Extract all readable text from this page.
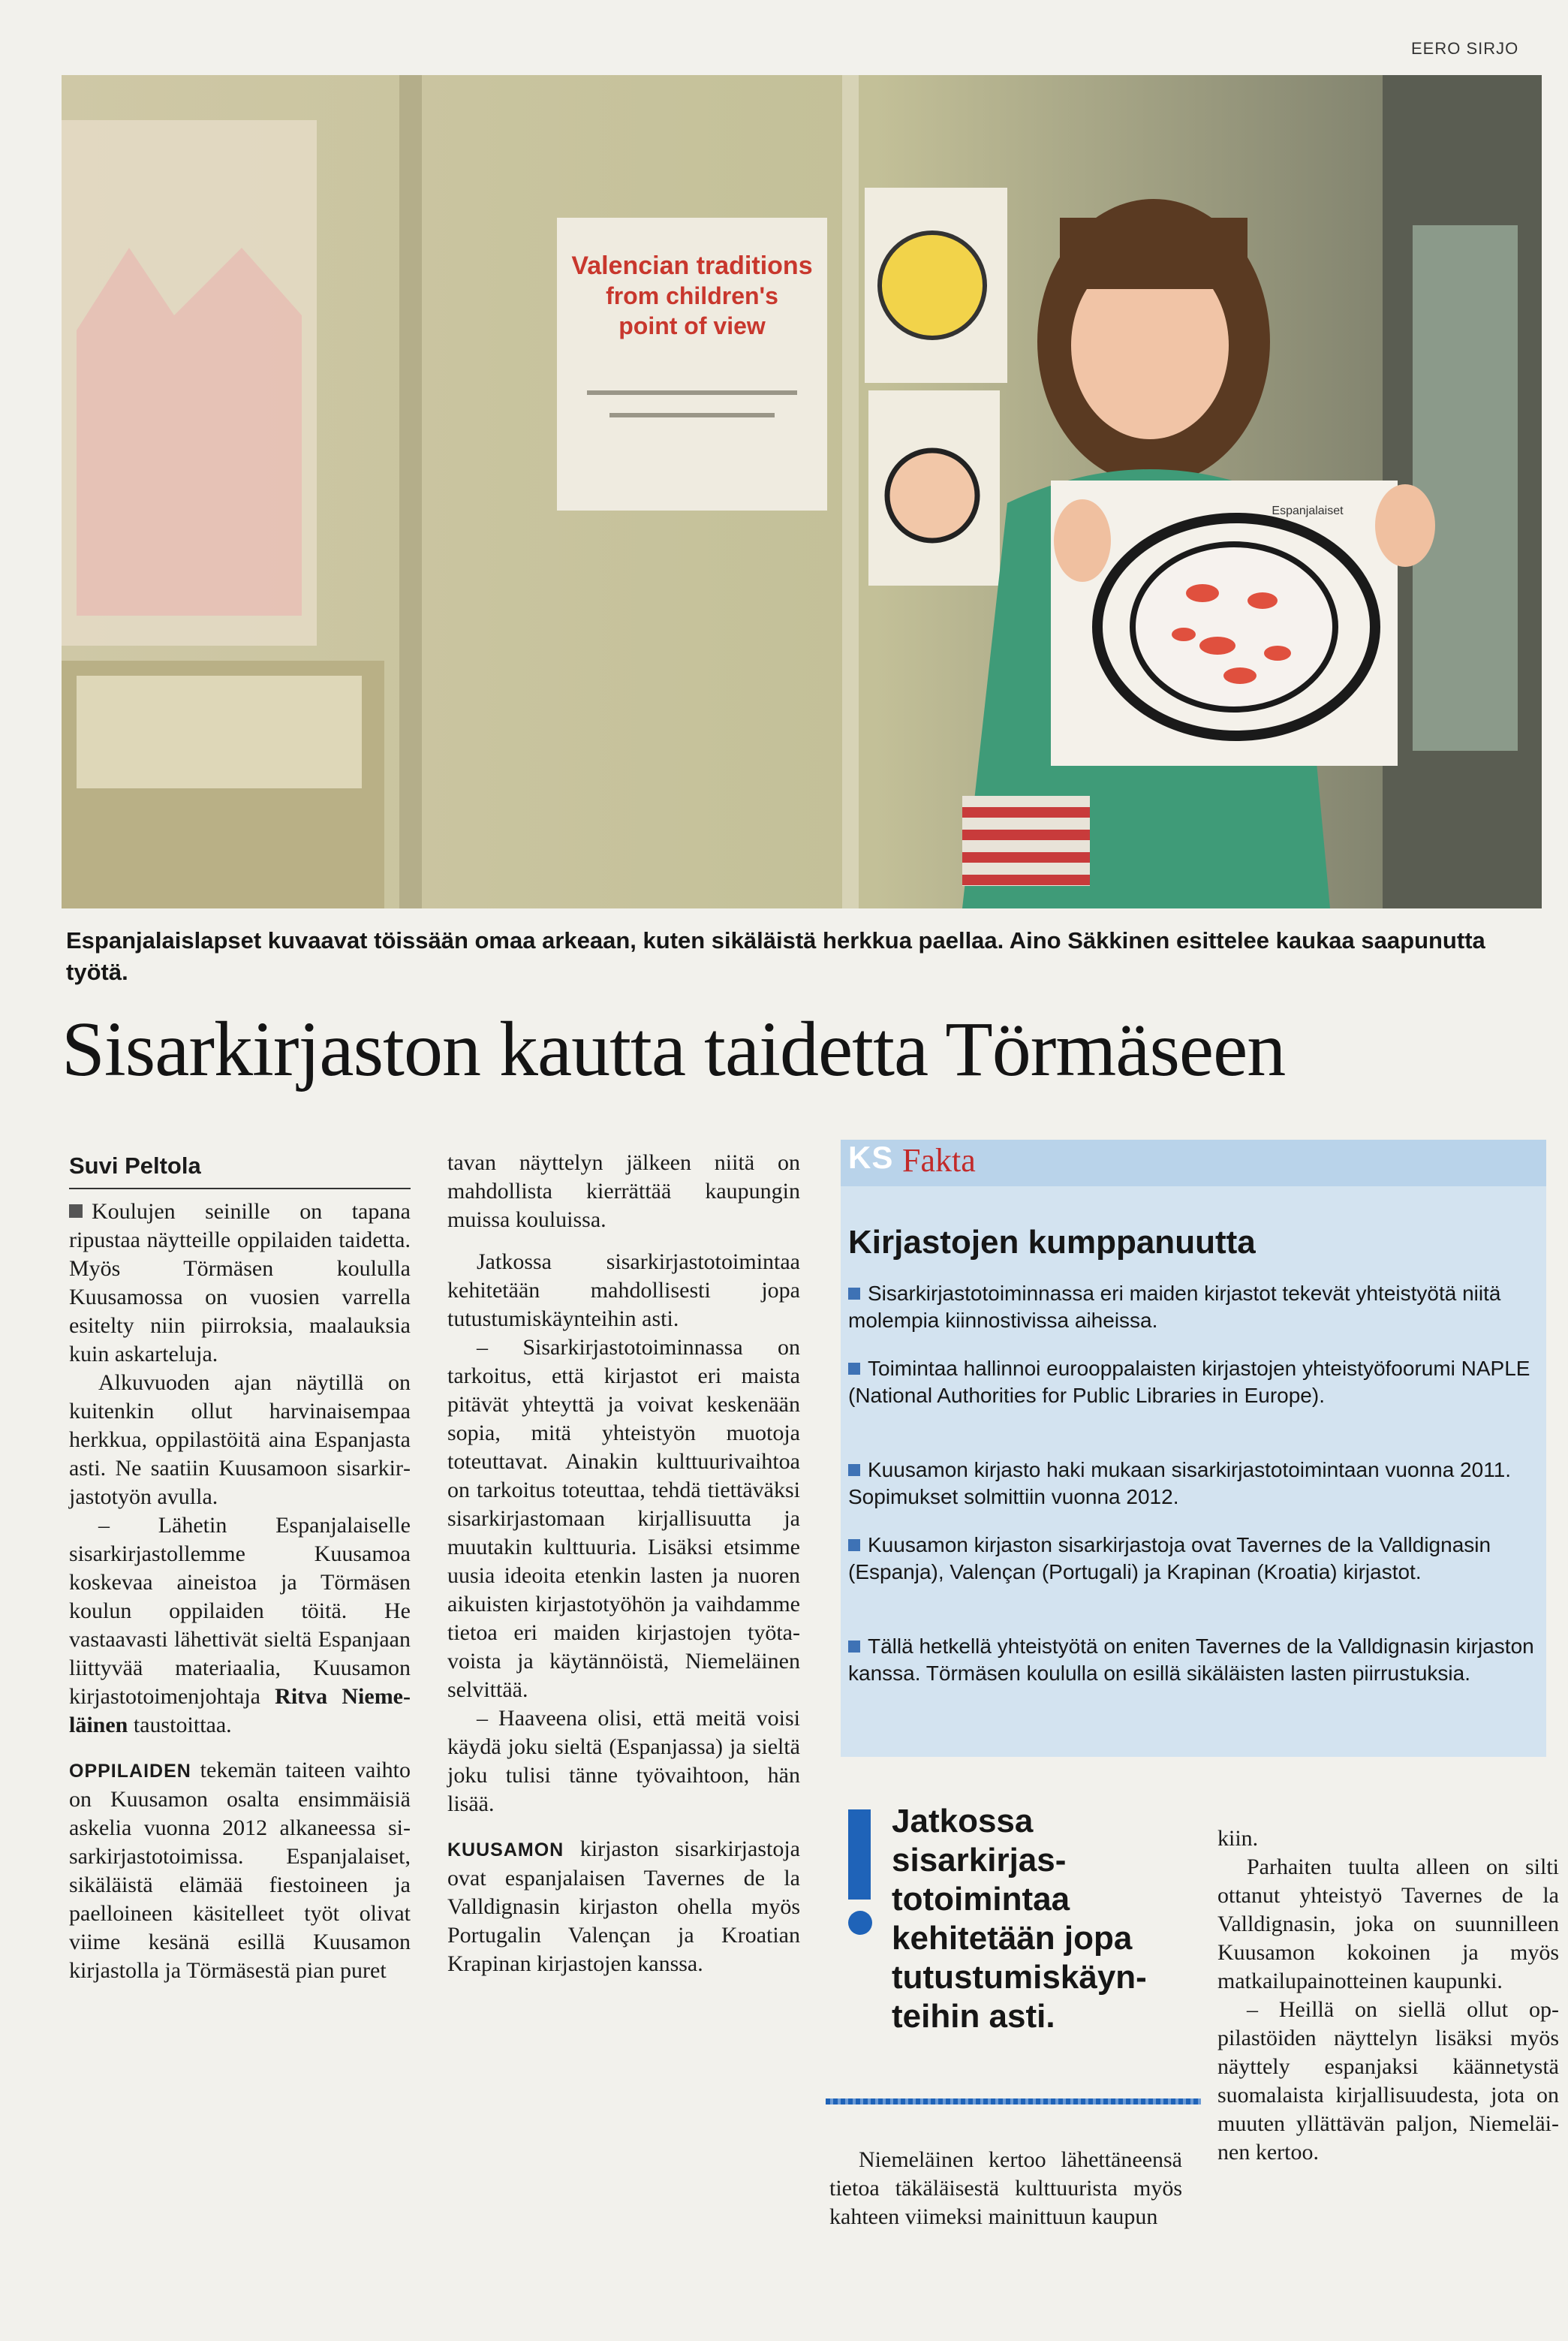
EERO SIRJO
Valencian traditions
from children's
point of view
Espanjalaiset
Espanjalaislapset kuvaavat töissään omaa arkeaan, kuten sikäläistä herkkua paellaa. Aino Säkkinen esittelee kaukaa saapunutta työtä.
Sisarkirjaston kautta taidetta Törmäseen
Suvi Peltola

Koulujen seinille on tapana ripustaa näytteille oppilaiden taidetta. Myös Törmäsen koululla Kuusamossa on vuosien varrella esitelty niin piirroksia, maalauksia kuin askarteluja.

Alkuvuoden ajan näytillä on kuitenkin ollut harvinaisempaa herkkua, oppilastöitä aina Espanjasta asti. Ne saatiin Kuusamoon sisarkirjastotyön avulla.

– Lähetin Espanjalaiselle sisarkirjastollemme Kuusamoa koskevaa aineistoa ja Törmäsen koulun oppilaiden töitä. He vastaavasti lähettivät sieltä Espanjaan liittyvää materiaalia, Kuusamon kirjastotoimenjohtaja Ritva Niemeläinen taustoittaa.

OPPILAIDEN tekemän taiteen vaihto on Kuusamon osalta ensimmäisiä askelia vuonna 2012 alkaneessa sisarkirjastotoimissa. Espanjalaiset, sikäläistä elämää fiestoineen ja paelloineen käsitelleet työt olivat viime kesänä esillä Kuusamon kirjastolla ja Törmäsestä pian puret

tavan näyttelyn jälkeen niitä on mahdollista kierrättää kaupungin muissa kouluissa.

Jatkossa sisarkirjastotoimintaa kehitetään mahdollisesti jopa tutustumiskäynteihin asti.

– Sisarkirjastotoiminnassa on tarkoitus, että kirjastot eri maista pitävät yhteyttä ja voivat keskenään sopia, mitä yhteistyön muotoja toteuttavat. Ainakin kulttuurivaihtoa on tarkoitus toteuttaa, tehdä tiettäväksi sisarkirjastomaan kirjallisuutta ja muutakin kulttuuria. Lisäksi etsimme uusia ideoita etenkin lasten ja nuoren aikuisten kirjastotyöhön ja vaihdamme tietoa eri maiden kirjastojen työtavoista ja käytännöistä, Niemeläinen selvittää.

– Haaveena olisi, että meitä voisi käydä joku sieltä (Espanjassa) ja sieltä joku tulisi tänne työvaihtoon, hän lisää.

KUUSAMON kirjaston sisarkirjastoja ovat espanjalaisen Tavernes de la Valldignasin kirjaston ohella myös Portugalin Valençan ja Kroatian Krapinan kirjastojen kanssa.

KS Fakta
Kirjastojen kumppanuutta
Sisarkirjastotoiminnassa eri maiden kirjastot tekevät yhteistyötä niitä molempia kiinnostivissa aiheissa.
Toimintaa hallinnoi eurooppalaisten kirjastojen yhteistyöfoorumi NAPLE (National Authorities for Public Libraries in Europe).
Kuusamon kirjasto haki mukaan sisarkirjastotoimintaan vuonna 2011. Sopimukset solmittiin vuonna 2012.
Kuusamon kirjaston sisarkirjastoja ovat Tavernes de la Valldignasin (Espanja), Valençan (Portugali) ja Krapinan (Kroatia) kirjastot.
Tällä hetkellä yhteistyötä on eniten Tavernes de la Valldignasin kirjaston kanssa. Törmäsen koululla on esillä sikäläisten lasten piirrustuksia.
Jatkossa sisarkirjastotoimintaa kehitetään jopa tutustumiskäynteihin asti.

Niemeläinen kertoo lähettäneensä tietoa täkäläisestä kulttuurista myös kahteen viimeksi mainittuun kaupun

kiin.

Parhaiten tuulta alleen on silti ottanut yhteistyö Tavernes de la Valldignasin, joka on suunnilleen Kuusamon kokoinen ja myös matkailupainotteinen kaupunki.

– Heillä on siellä ollut oppilastöiden näyttelyn lisäksi myös näyttely espanjaksi käännetystä suomalaista kirjallisuudesta, jota on muuten yllättävän paljon, Niemeläinen kertoo.
